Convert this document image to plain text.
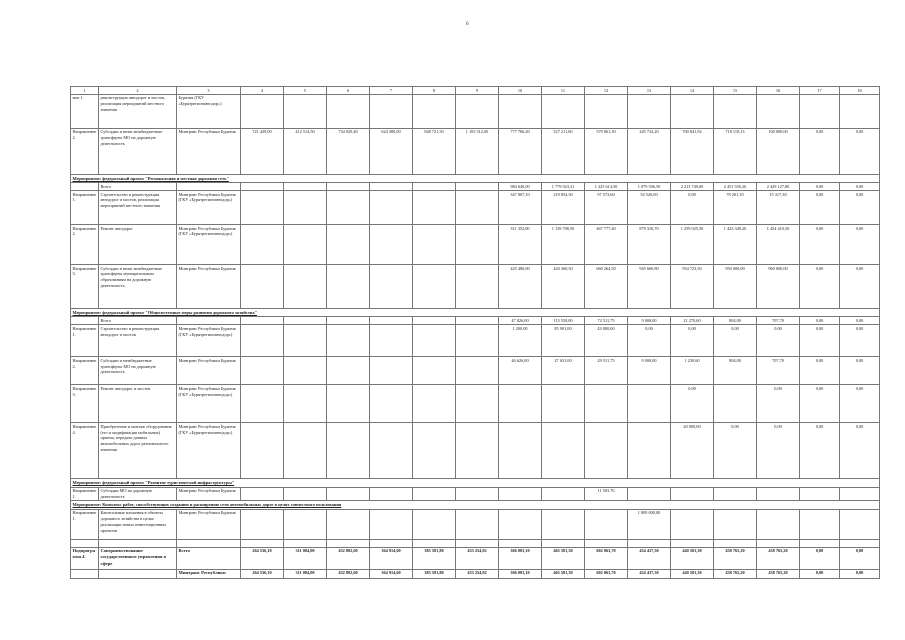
6
1	2	3	4	5	6	7	8	9	10	11	12	13	14	15	16	17	18
мие 1.	реконструкция автодорог и мостов, реализация мероприятий местного значения	Бурятия (ГКУ «Бурятрегионавтодор»)															
Направление 2.	Субсидии и иные межбюджетные трансферты МО на дорожную деятельность	Минтранс Республики Бурятия	721 429,00	412 514,50	734 829,40	624 380,00	848 721,50	1 105 512,00	777 766,20	527 211,60	579 861,30	245 732,20	700 841,92	718 118,13	100 000,00	0,00	0,00
Мероприятие: федеральный проект "Региональная и местная дорожная сеть"																	
	Всего								984 640,00	1 779 923,31	1 225 614,50	1 879 506,50	2 213 749,00	2 451 550,20	2 429 127,80	0,00	0,00
Направление 1.	Строительство и реконструкция автодорог и мостов, реализация мероприятий местного значения	Минтранс Республики Бурятия (ГКУ «Бурятрегионавтодор»)							347 807,10	219 854,30	97 572,60	54 526,00	0,00	78 201,10	15 317,30	0,00	0,00
Направление 2.	Ремонт автодорог	Минтранс Республики Бурятия (ГКУ «Бурятрегионавтодор»)							311 352,00	1 139 708,50	467 777,40	879 316,70	1 259 025,50	1 423 349,20	1 454 410,50	0,00	0,00
Направление 3.	Субсидии и иные межбюджетные трансферты муниципальным образованиям на дорожную деятельность	Минтранс Республики Бурятия							425 480,00	420 360,50	660 264,50	945 660,80	954 723,50	950 000,00	960 000,00	0,00	0,00
Мероприятие: федеральный проект "Общесистемные меры развития дорожного хозяйства"																	
	Всего								47 826,00	113 550,00	72 511,75	9 000,00	21 270,60	804,00	707,70	0,00	0,00
Направление 1.	Строительство и реконструкция автодорог и мостов	Минтранс Республики Бурятия (ГКУ «Бурятрегионавтодор»)							1 200,00	85 901,00	43 000,00	0,00	0,00	0,00	0,00	0,00	0,00
Направление 2.	Субсидии и межбюджетные трансферты МО на дорожную деятельность	Минтранс Республики Бурятия							46 626,00	27 631,00	29 511,75	9 000,00	1 230,60	804,00	707,70	0,00	0,00
Направление 3.	Ремонт автодорог и мостов	Минтранс Республики Бурятия (ГКУ «Бурятрегионавтодор»)											0,00		0,00	0,00	0,00
Направление 4.	Приобретение и монтаж оборудования (его и модификация мобильных) приема, передачи данных автомобильных дорог регионального значения	Минтранс Республики Бурятия (ГКУ «Бурятрегионавтодор»)											20 000,00	0,00	0,00	0,00	0,00
Мероприятие: федеральный проект "Развитие туристической инфраструктуры"																	
Направление 1.	Субсидии МО на дорожную деятельность	Минтранс Республики Бурятия									11 503,76						
Мероприятие: Комплекс работ, способствующих созданию и расширению сети автомобильных дорог в целях совместного пользования																	
Направление 1.	Капитальные вложения в объекты дорожного хозяйства в целях реализации новых инвестиционных проектов	Минтранс Республики Бурятия										1 800 000,00					

Подпрограмма 4.	Совершенствование государственного управления в сфере	Всего	264 536,10	311 084,00	432 802,60	364 914,60	385 581,80	433 254,02	366 083,10	465 581,30	602 063,70	434 437,30	440 581,30	438 765,20	438 765,20	0,00	0,00
		Минтранс Республики	264 536,10	311 084,00	432 802,60	364 914,60	385 581,80	433 254,02	366 083,10	465 581,30	602 063,70	434 437,30	440 581,30	438 765,20	438 765,20	0,00	0,00
